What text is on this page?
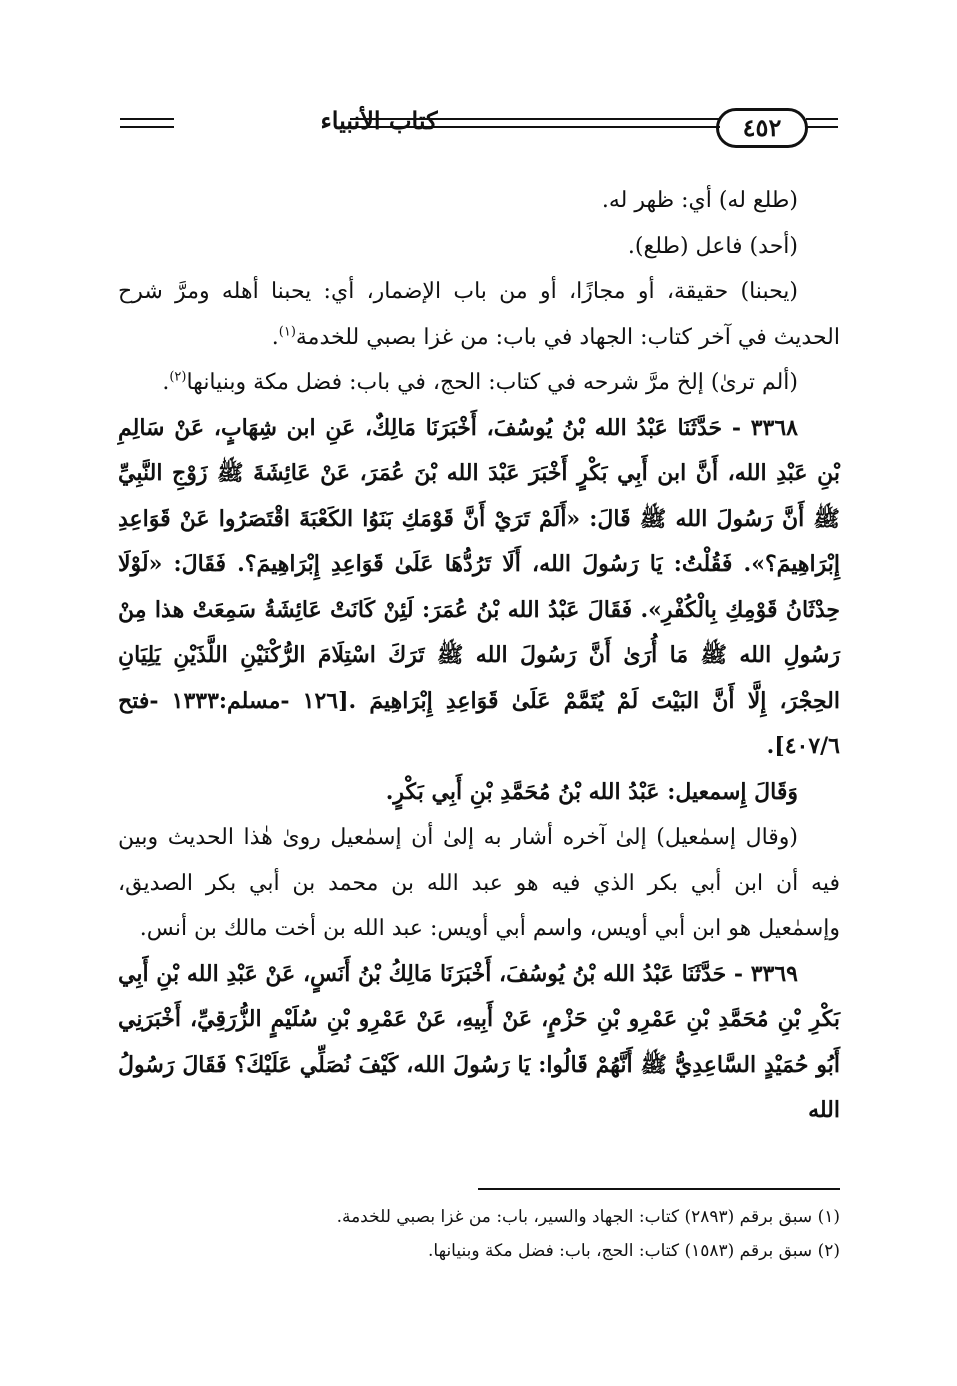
كتاب الأنبياء	٤٥٢

(طلع له) أي: ظهر له.

(أحد) فاعل (طلع).

(يحبنا) حقيقة، أو مجازًا، أو من باب الإضمار، أي: يحبنا أهله ومرَّ شرح الحديث في آخر كتاب: الجهاد في باب: من غزا بصبي للخدمة$^{(١)}$.

(ألم ترىٰ) إلخ مرَّ شرحه في كتاب: الحج، في باب: فضل مكة وبنيانها$^{(٢)}$.

٣٣٦٨ - حَدَّثَنَا عَبْدُ الله بْنُ يُوسُفَ، أَخْبَرَنَا مَالِكٌ، عَنِ ابن شِهَابٍ، عَنْ سَالِمِ بْنِ عَبْدِ الله، أَنَّ ابن أَبِي بَكْرٍ أَخْبَرَ عَبْدَ الله بْنَ عُمَرَ، عَنْ عَائِشَةَ ﷺ زَوْجِ النَّبِيِّ ﷺ أَنَّ رَسُولَ الله ﷺ قَالَ: «أَلَمْ تَرَيْ أَنَّ قَوْمَكِ بَنَوُا الكَعْبَةَ اقْتَصَرُوا عَنْ قَوَاعِدِ إِبْرَاهِيمَ؟». فَقُلْتُ: يَا رَسُولَ الله، أَلَا تَرُدُّهَا عَلَىٰ قَوَاعِدِ إِبْرَاهِيمَ؟. فَقَالَ: «لَوْلَا حِدْثَانُ قَوْمِكِ بِالْكُفْرِ». فَقَالَ عَبْدُ الله بْنُ عُمَرَ: لَئِنْ كَانَتْ عَائِشَةُ سَمِعَتْ هذا مِنْ رَسُولِ الله ﷺ مَا أُرَىٰ أَنَّ رَسُولَ الله ﷺ تَرَكَ اسْتِلَامَ الرُّكْنَيْنِ اللَّذَيْنِ يَلِيَانِ الحِجْرَ، إِلَّا أَنَّ البَيْتَ لَمْ يُتَمَّمْ عَلَىٰ قَوَاعِدِ إِبْرَاهِيمَ .[١٢٦ -مسلم:١٣٣٣ -فتح ٤٠٧/٦].

وَقَالَ إِسمعيل: عَبْدُ الله بْنُ مُحَمَّدِ بْنِ أَبِي بَكْرٍ.

(وقال إسمٰعيل) إلىٰ آخره أشار به إلىٰ أن إسمٰعيل روىٰ هٰذا الحديث وبين فيه أن ابن أبي بكر الذي فيه هو عبد الله بن محمد بن أبي بكر الصديق، وإسمٰعيل هو ابن أبي أويس، واسم أبي أويس: عبد الله بن أخت مالك بن أنس.

٣٣٦٩ - حَدَّثَنَا عَبْدُ الله بْنُ يُوسُفَ، أَخْبَرَنَا مَالِكُ بْنُ أَنَسٍ، عَنْ عَبْدِ الله بْنِ أَبِي بَكْرِ بْنِ مُحَمَّدِ بْنِ عَمْرِو بْنِ حَزْمٍ، عَنْ أَبِيهِ، عَنْ عَمْرِو بْنِ سُلَيْمٍ الزُّرَقِيِّ، أَخْبَرَنِي أَبُو حُمَيْدٍ السَّاعِدِيُّ ﷺ أَنَّهُمْ قَالُوا: يَا رَسُولَ الله، كَيْفَ نُصَلِّي عَلَيْكَ؟ فَقَالَ رَسُولُ الله

(١) سبق برقم (٢٨٩٣) كتاب: الجهاد والسير، باب: من غزا بصبي للخدمة.

(٢) سبق برقم (١٥٨٣) كتاب: الحج، باب: فضل مكة وبنيانها.
